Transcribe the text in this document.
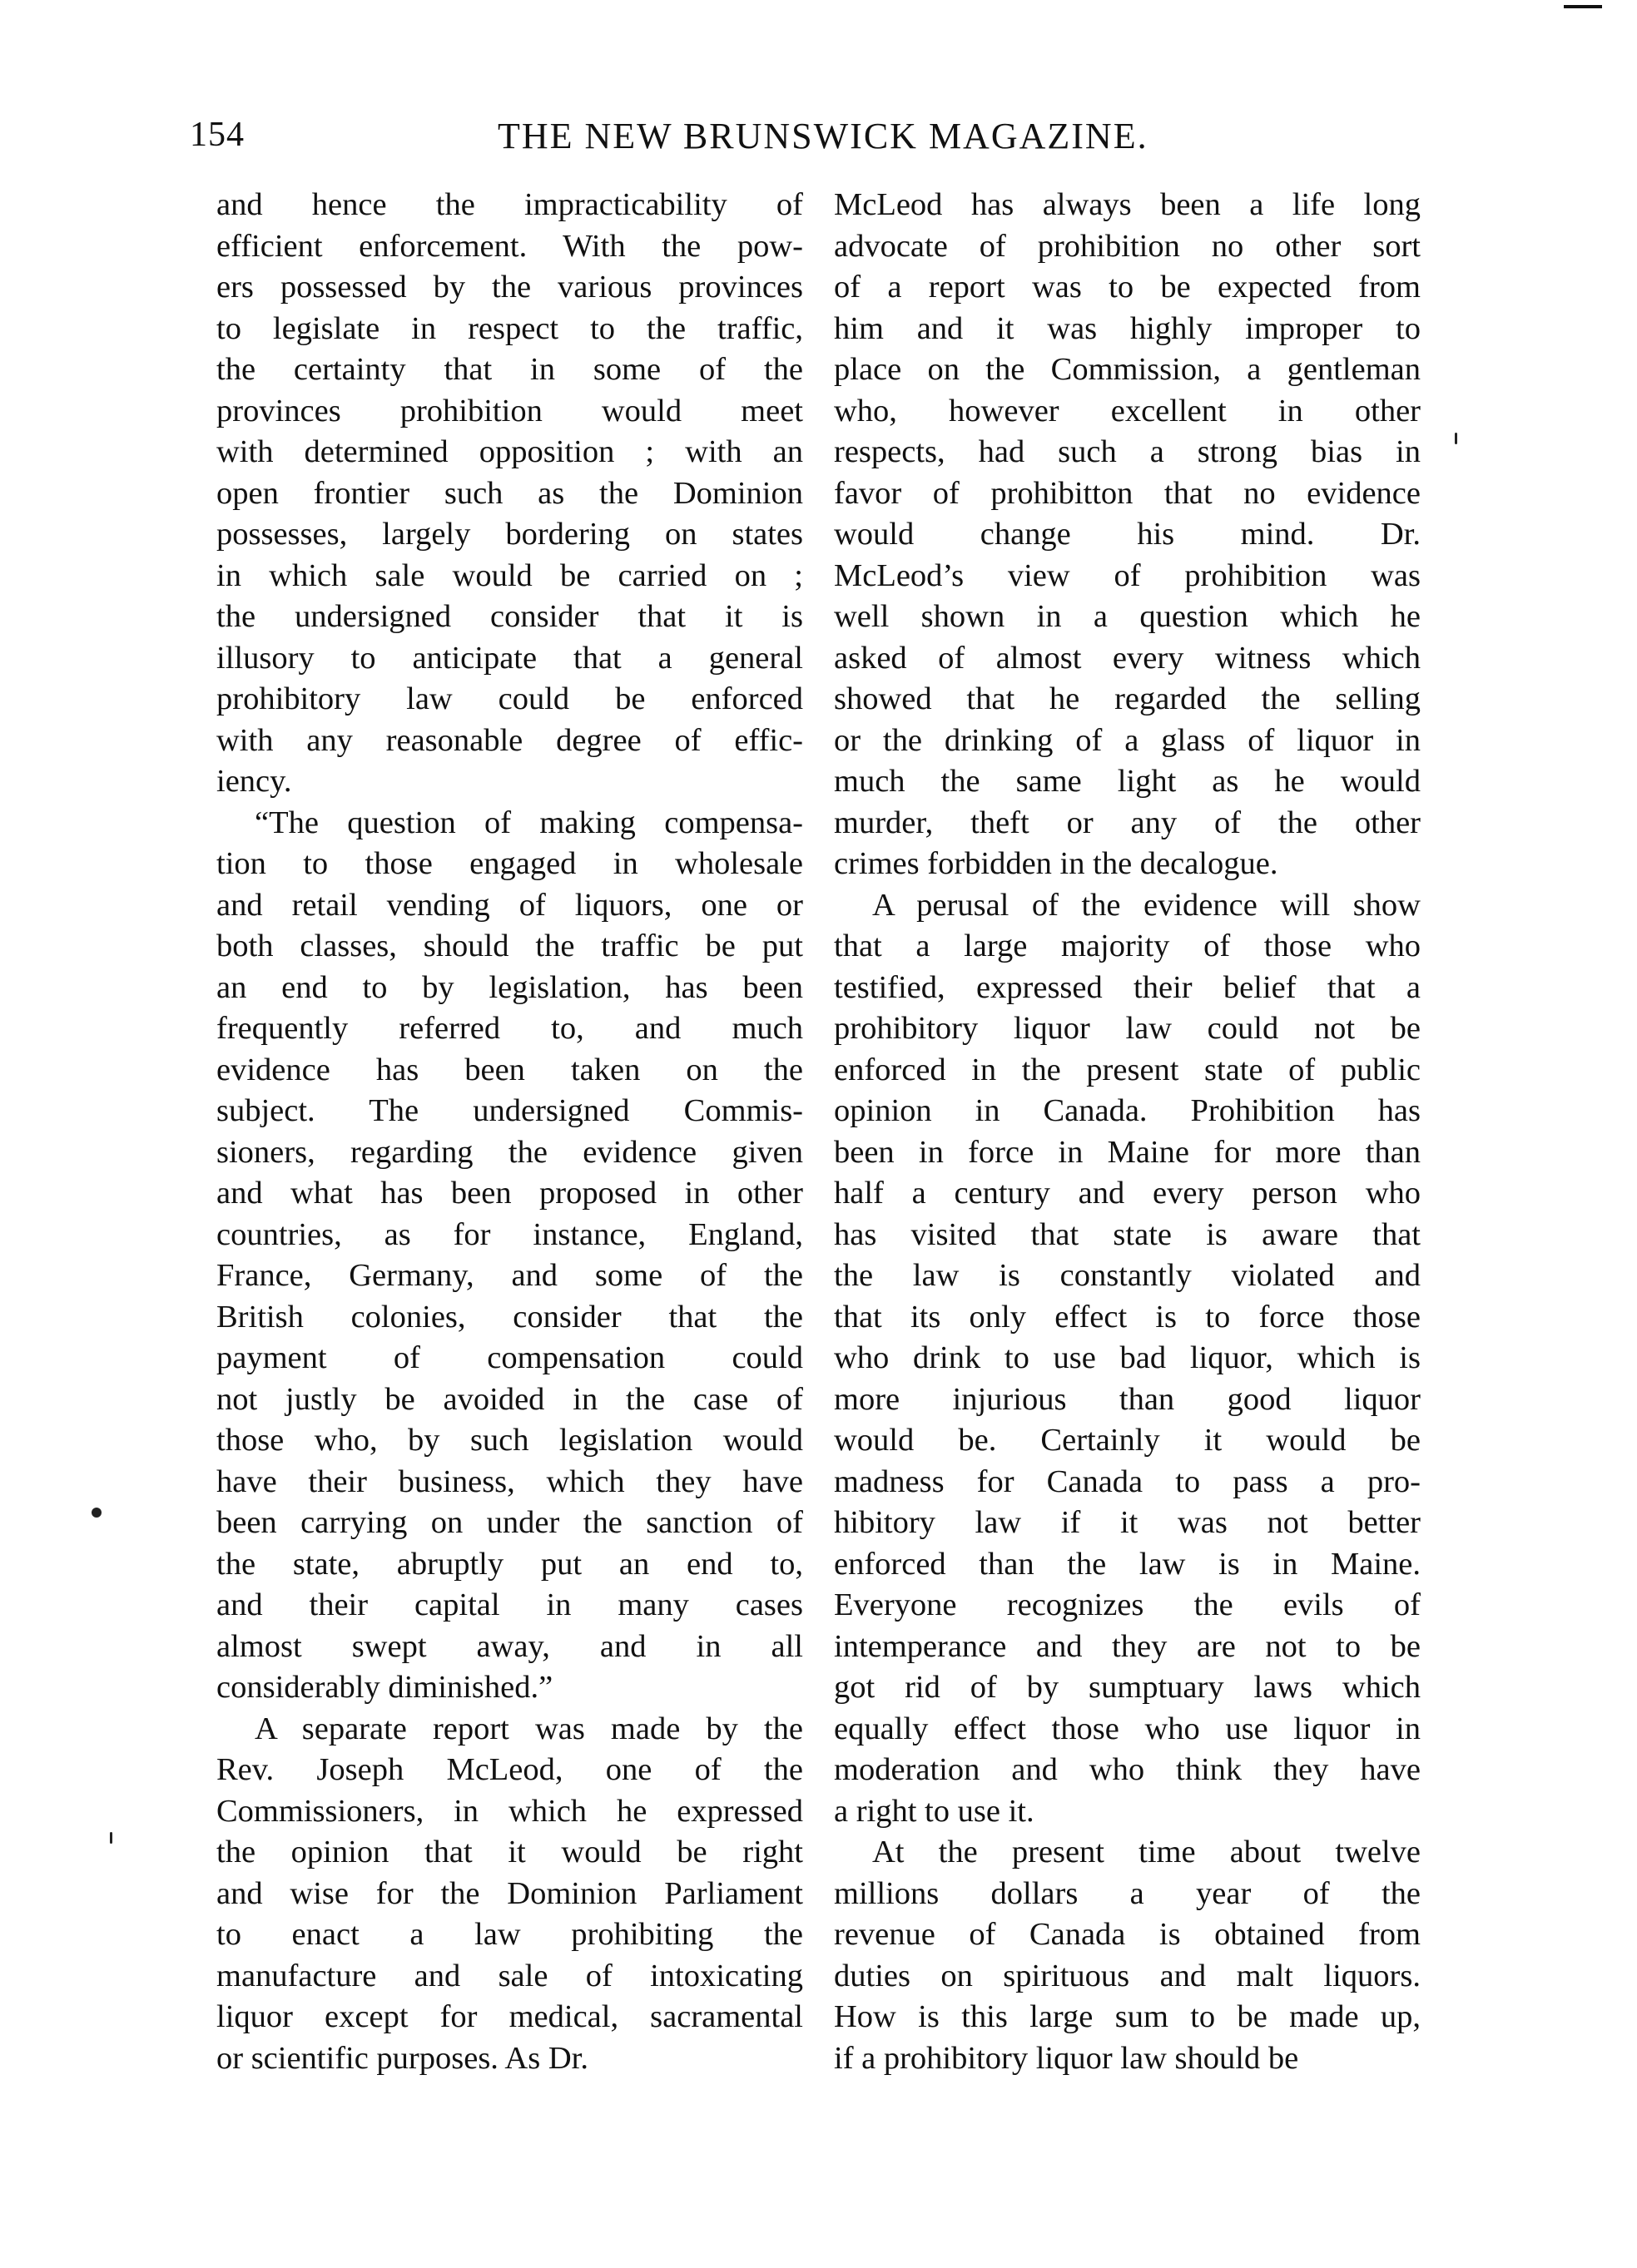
154	THE NEW BRUNSWICK MAGAZINE.
and hence the impracticability of
efficient enforcement. With the pow-
ers possessed by the various provinces
to legislate in respect to the traffic,
the certainty that in some of the
provinces prohibition would meet
with determined opposition ; with an
open frontier such as the Dominion
possesses, largely bordering on states
in which sale would be carried on ;
the undersigned consider that it is
illusory to anticipate that a general
prohibitory law could be enforced
with any reasonable degree of effic-
iency.
“The question of making compensa-
tion to those engaged in wholesale
and retail vending of liquors, one or
both classes, should the traffic be put
an end to by legislation, has been
frequently referred to, and much
evidence has been taken on the
subject. The undersigned Commis-
sioners, regarding the evidence given
and what has been proposed in other
countries, as for instance, England,
France, Germany, and some of the
British colonies, consider that the
payment of compensation could
not justly be avoided in the case of
those who, by such legislation would
have their business, which they have
been carrying on under the sanction of
the state, abruptly put an end to,
and their capital in many cases
almost swept away, and in all
considerably diminished.”
A separate report was made by the
Rev. Joseph McLeod, one of the
Commissioners, in which he expressed
the opinion that it would be right
and wise for the Dominion Parliament
to enact a law prohibiting the
manufacture and sale of intoxicating
liquor except for medical, sacramental
or scientific purposes. As Dr.
McLeod has always been a life long
advocate of prohibition no other sort
of a report was to be expected from
him and it was highly improper to
place on the Commission, a gentleman
who, however excellent in other
respects, had such a strong bias in
favor of prohibitton that no evidence
would change his mind. Dr.
McLeod’s view of prohibition was
well shown in a question which he
asked of almost every witness which
showed that he regarded the selling
or the drinking of a glass of liquor in
much the same light as he would
murder, theft or any of the other
crimes forbidden in the decalogue.
A perusal of the evidence will show
that a large majority of those who
testified, expressed their belief that a
prohibitory liquor law could not be
enforced in the present state of public
opinion in Canada. Prohibition has
been in force in Maine for more than
half a century and every person who
has visited that state is aware that
the law is constantly violated and
that its only effect is to force those
who drink to use bad liquor, which is
more injurious than good liquor
would be. Certainly it would be
madness for Canada to pass a pro-
hibitory law if it was not better
enforced than the law is in Maine.
Everyone recognizes the evils of
intemperance and they are not to be
got rid of by sumptuary laws which
equally effect those who use liquor in
moderation and who think they have
a right to use it.
At the present time about twelve
millions dollars a year of the
revenue of Canada is obtained from
duties on spirituous and malt liquors.
How is this large sum to be made up,
if a prohibitory liquor law should be
